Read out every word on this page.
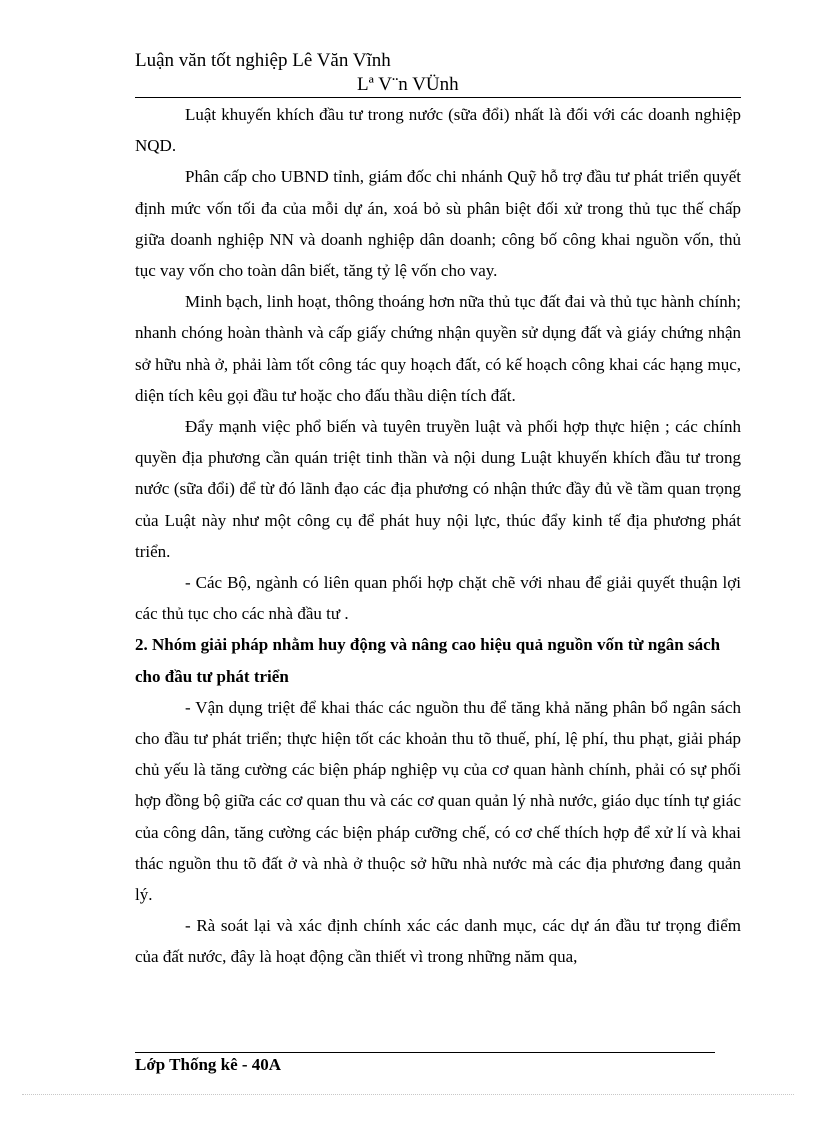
Luận văn tốt nghiệp Lê Văn Vĩnh
Lª V¨n VÜnh

Luật khuyến khích đầu tư trong nước (sữa đổi) nhất là đối với các doanh nghiệp NQD.

Phân cấp cho UBND tỉnh, giám đốc chi nhánh Quỹ hỗ trợ đầu tư phát triển quyết định mức vốn tối đa của mỗi dự án, xoá bỏ sù phân biệt đối xử trong thủ tục thế chấp giữa doanh nghiệp NN và doanh nghiệp dân doanh; công bố công khai nguồn vốn, thủ tục vay vốn cho toàn dân biết, tăng tỷ lệ vốn cho vay.

Minh bạch, linh hoạt, thông thoáng hơn nữa thủ tục đất đai và thủ tục hành chính; nhanh chóng hoàn thành và cấp giấy chứng nhận quyền sử dụng đất và giáy chứng nhận sở hữu nhà ở, phải làm tốt công tác quy hoạch đất, có kế hoạch công khai các hạng mục, diện tích kêu gọi đầu tư hoặc cho đấu thầu diện tích đất.

Đẩy mạnh việc phổ biến và tuyên truyền luật và phối hợp thực hiện ; các chính quyền địa phương cần quán triệt tinh thần và nội dung Luật khuyến khích đầu tư trong nước (sữa đổi) để từ đó lãnh đạo các địa phương có nhận thức đầy đủ về tầm quan trọng của Luật này như một công cụ để phát huy nội lực, thúc đẩy kinh tế địa phương phát triển.

- Các Bộ, ngành có liên quan phối hợp chặt chẽ với nhau để giải quyết thuận lợi các thủ tục cho các nhà đầu tư .

2. Nhóm giải pháp nhằm huy động và nâng cao hiệu quả nguồn vốn từ ngân sách cho đầu tư phát triển

- Vận dụng triệt để khai thác các nguồn thu để tăng khả năng phân bổ ngân sách cho đầu tư phát triển; thực hiện tốt các khoản thu tõ thuế, phí, lệ phí, thu phạt, giải pháp chủ yếu là tăng cường các biện pháp nghiệp vụ của cơ quan hành chính, phải có sự phối hợp đồng bộ giữa các cơ quan thu và các cơ quan quản lý nhà nước, giáo dục tính tự giác của công dân, tăng cường các biện pháp cưỡng chế, có cơ chế thích hợp để xử lí và khai thác nguồn thu tõ đất ở và nhà ở thuộc sở hữu nhà nước mà các địa phương đang quản lý.

- Rà soát lại và xác định chính xác các danh mục, các dự án đầu tư trọng điểm của đất nước, đây là hoạt động cần thiết vì trong những năm qua,

Lớp Thống kê - 40A
